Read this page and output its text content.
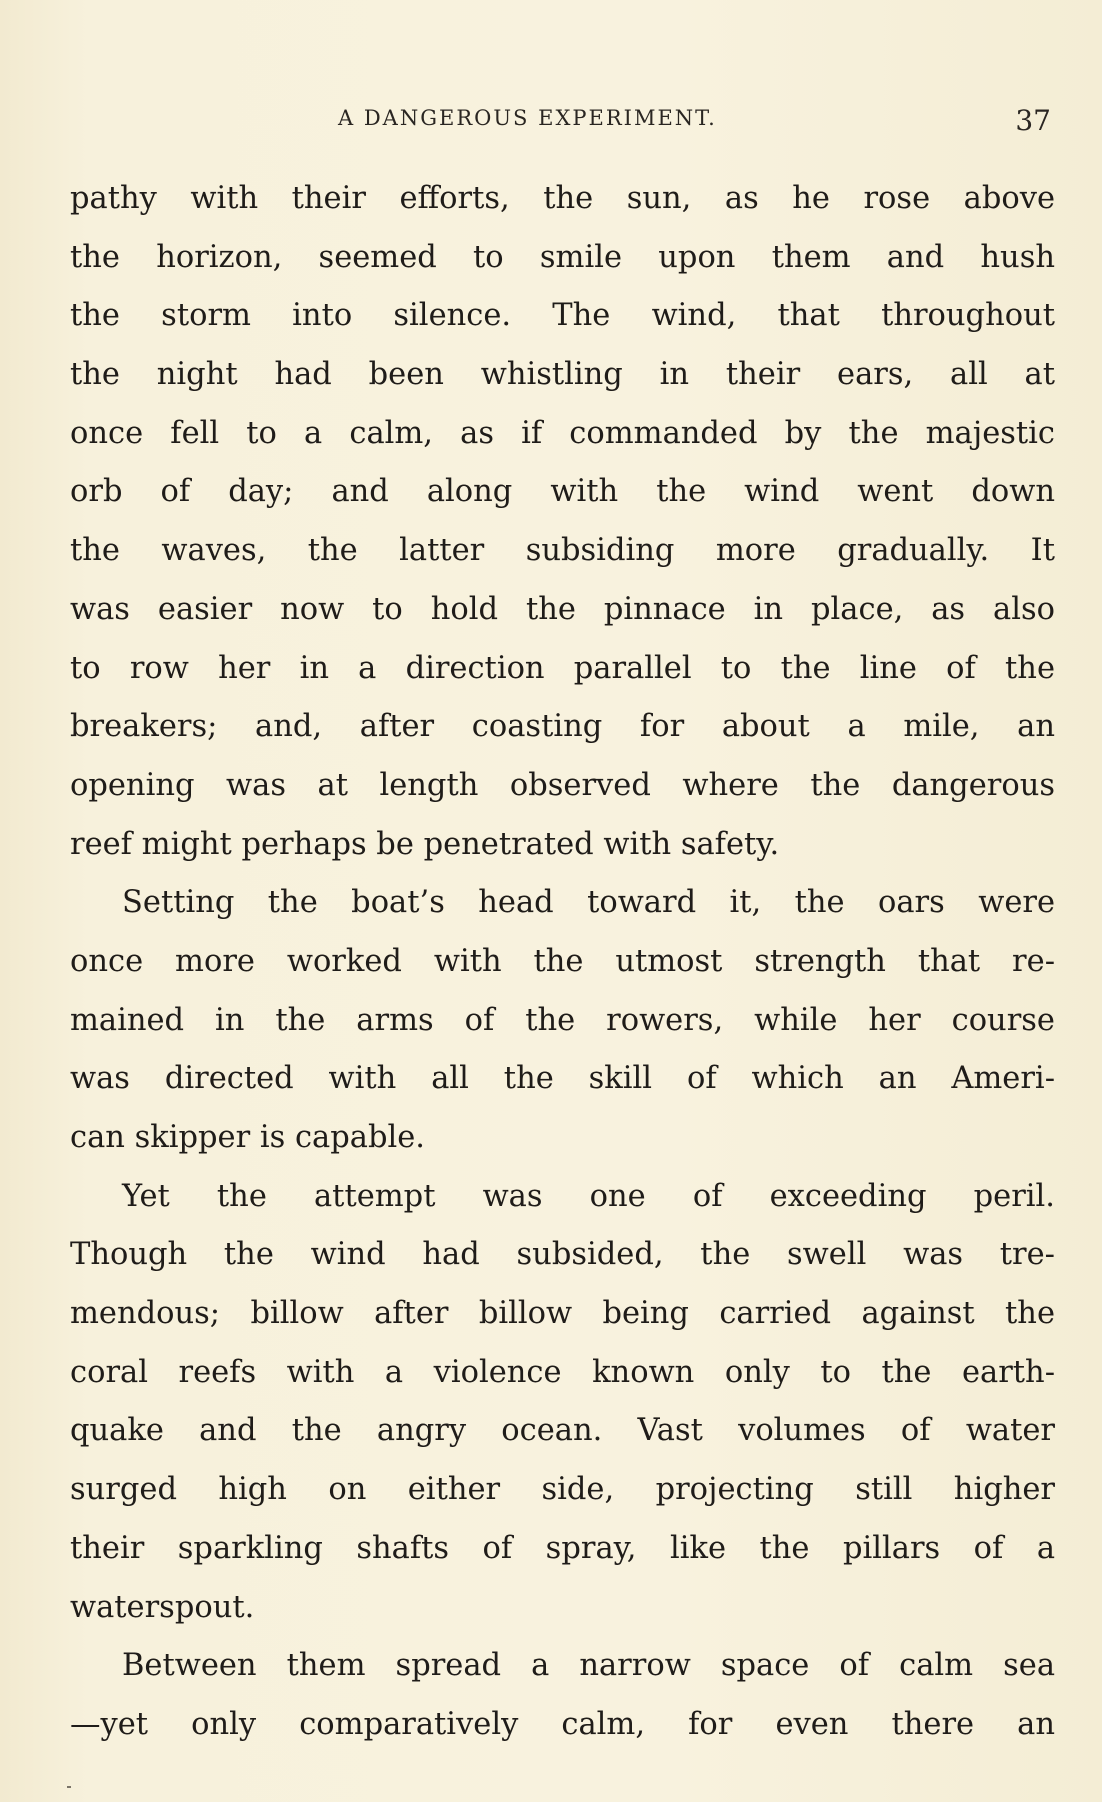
A DANGEROUS EXPERIMENT.	37
pathy with their efforts, the sun, as he rose above
the horizon, seemed to smile upon them and hush
the storm into silence. The wind, that throughout
the night had been whistling in their ears, all at
once fell to a calm, as if commanded by the majestic
orb of day; and along with the wind went down
the waves, the latter subsiding more gradually. It
was easier now to hold the pinnace in place, as also
to row her in a direction parallel to the line of the
breakers; and, after coasting for about a mile, an
opening was at length observed where the dangerous
reef might perhaps be penetrated with safety.
Setting the boat’s head toward it, the oars were
once more worked with the utmost strength that re-
mained in the arms of the rowers, while her course
was directed with all the skill of which an Ameri-
can skipper is capable.
Yet the attempt was one of exceeding peril.
Though the wind had subsided, the swell was tre-
mendous; billow after billow being carried against the
coral reefs with a violence known only to the earth-
quake and the angry ocean. Vast volumes of water
surged high on either side, projecting still higher
their sparkling shafts of spray, like the pillars of a
waterspout.
Between them spread a narrow space of calm sea
—yet only comparatively calm, for even there an
